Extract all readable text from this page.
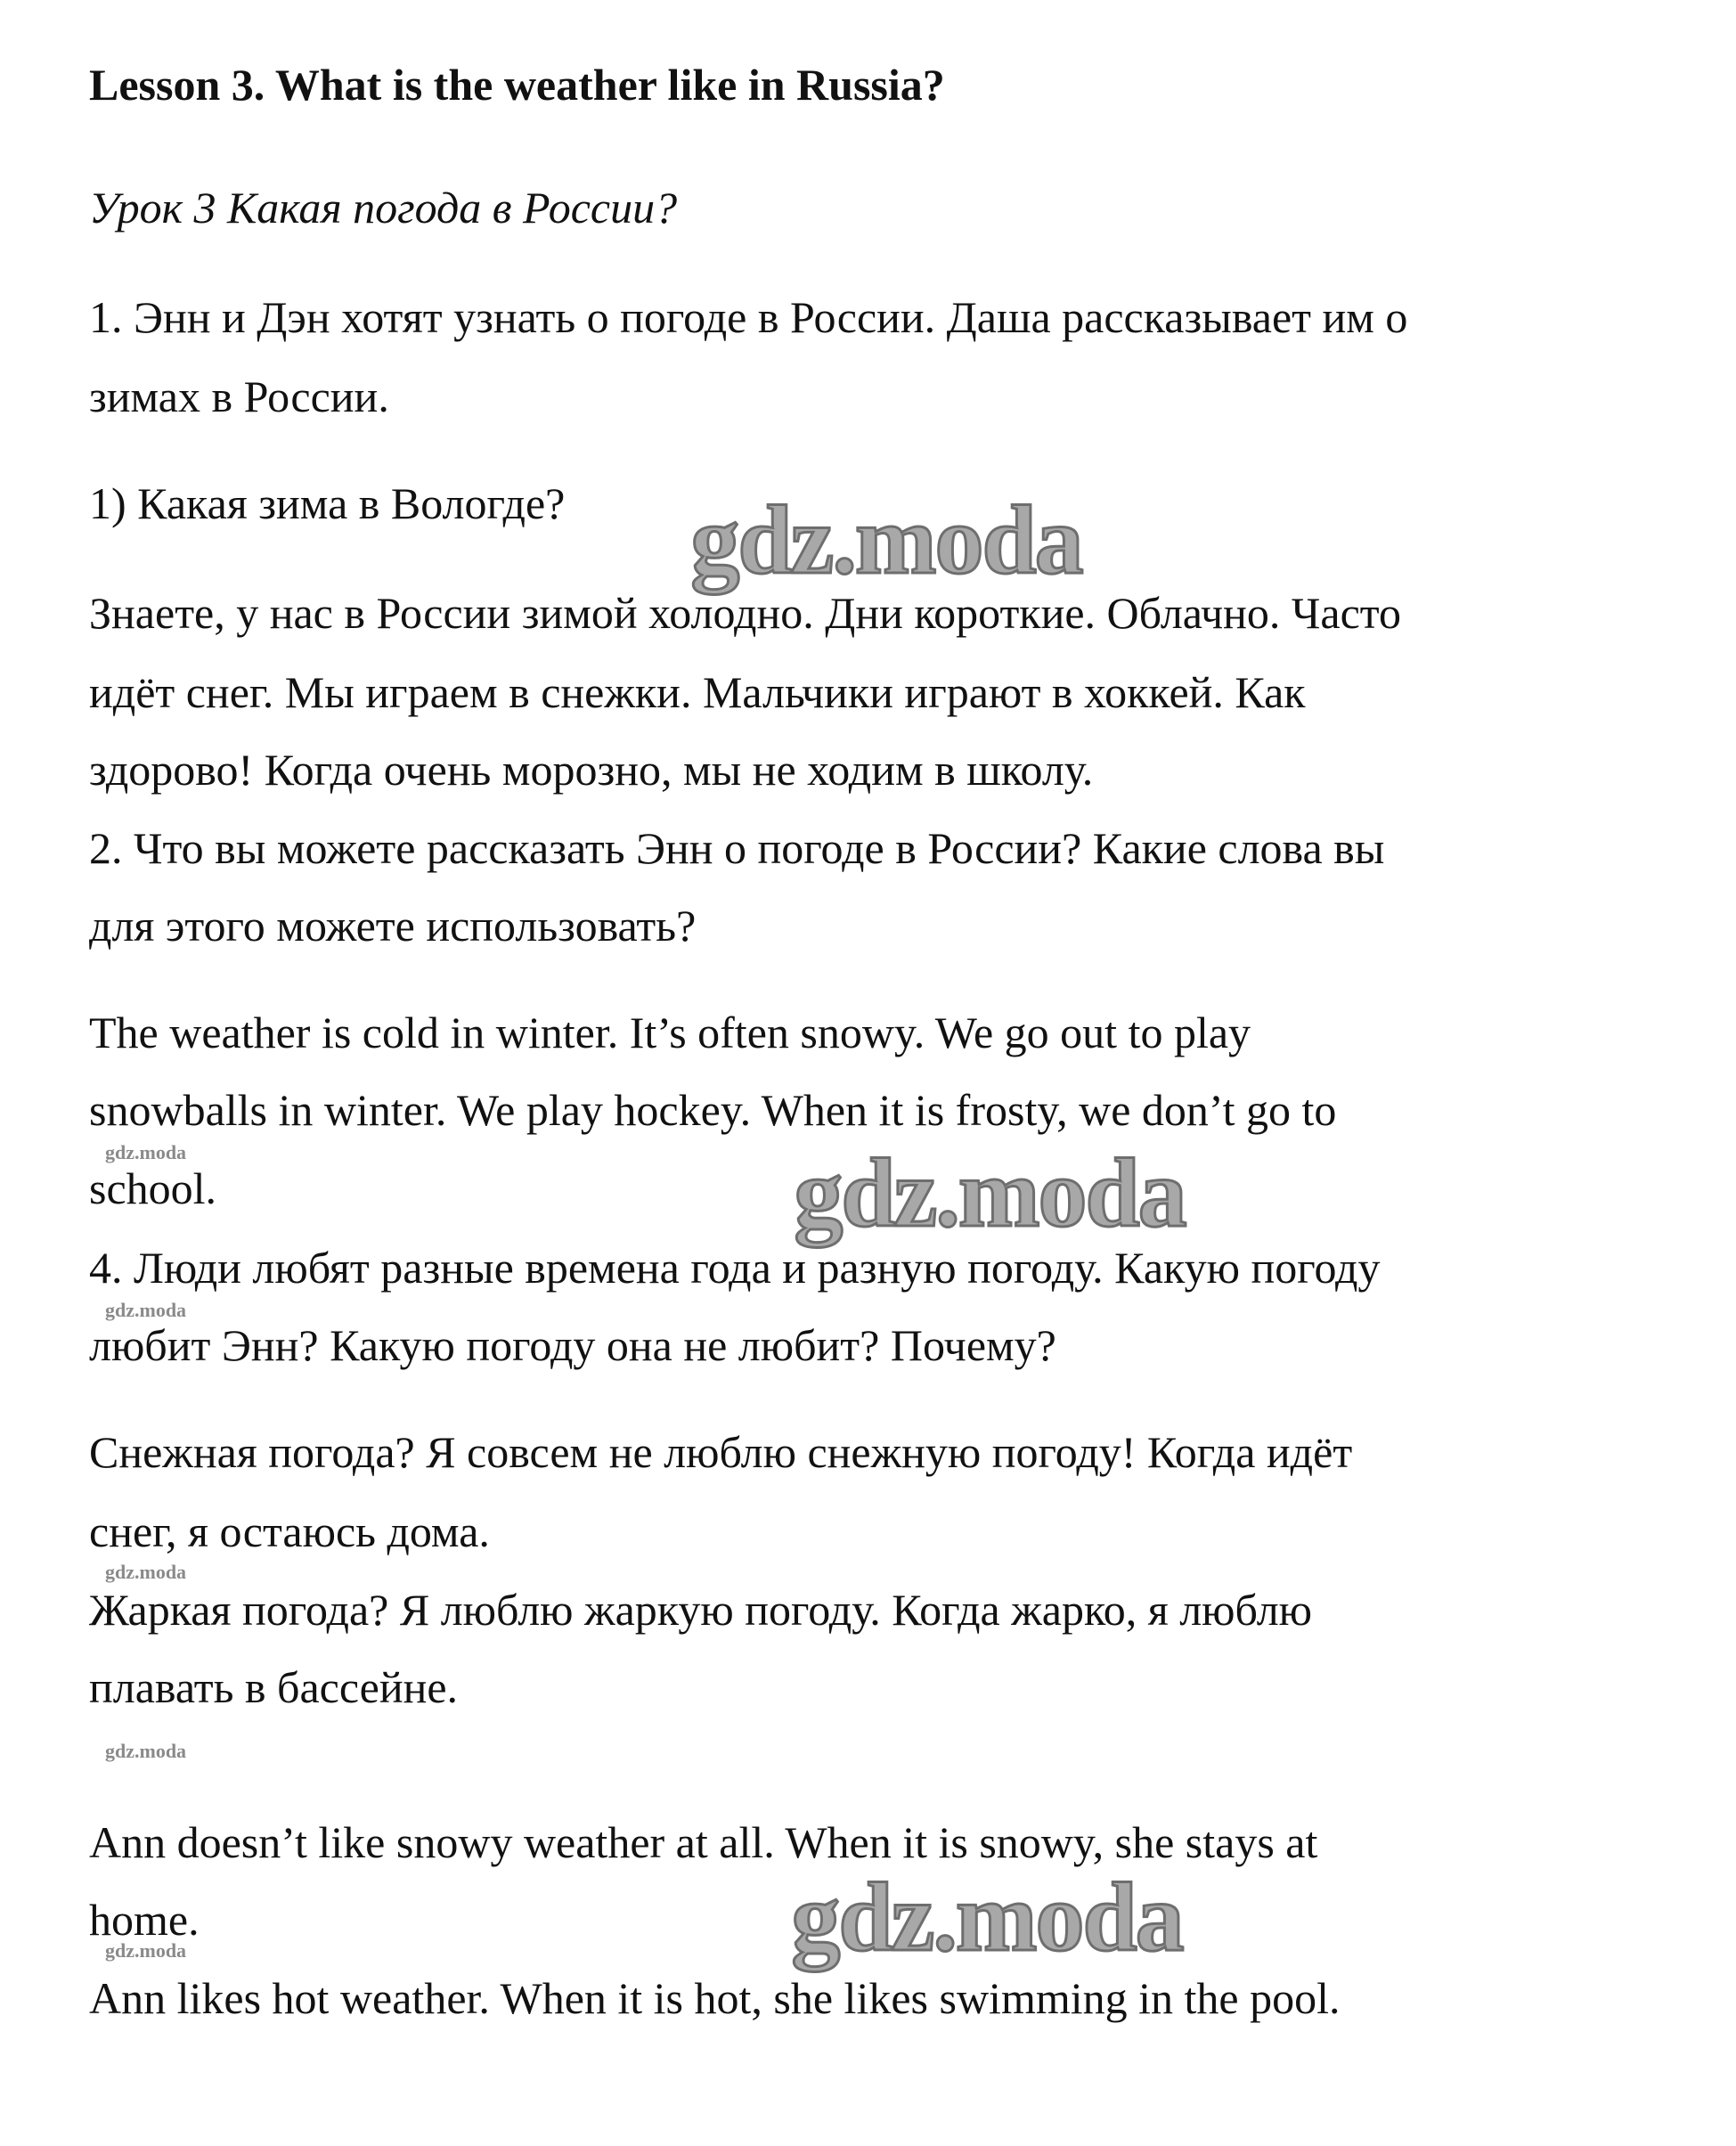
Lesson 3. What is the weather like in Russia?
Урок 3 Какая погода в России?
1. Энн и Дэн хотят узнать о погоде в России. Даша рассказывает им о
зимах в России.
1) Какая зима в Вологде?
Знаете, у нас в России зимой холодно. Дни короткие. Облачно. Часто
идёт снег. Мы играем в снежки. Мальчики играют в хоккей. Как
здорово! Когда очень морозно, мы не ходим в школу.
2. Что вы можете рассказать Энн о погоде в России? Какие слова вы
для этого можете использовать?
The weather is cold in winter. It’s often snowy. We go out to play
snowballs in winter. We play hockey. When it is frosty, we don’t go to
school.
4. Люди любят разные времена года и разную погоду. Какую погоду
любит Энн? Какую погоду она не любит? Почему?
Снежная погода? Я совсем не люблю снежную погоду! Когда идёт
снег, я остаюсь дома.
Жаркая погода? Я люблю жаркую погоду. Когда жарко, я люблю
плавать в бассейне.
Ann doesn’t like snowy weather at all. When it is snowy, she stays at
home.
Ann likes hot weather. When it is hot, she likes swimming in the pool.
gdz.moda
gdz.moda
gdz.moda
gdz.moda
gdz.moda
gdz.moda
gdz.moda
gdz.moda
